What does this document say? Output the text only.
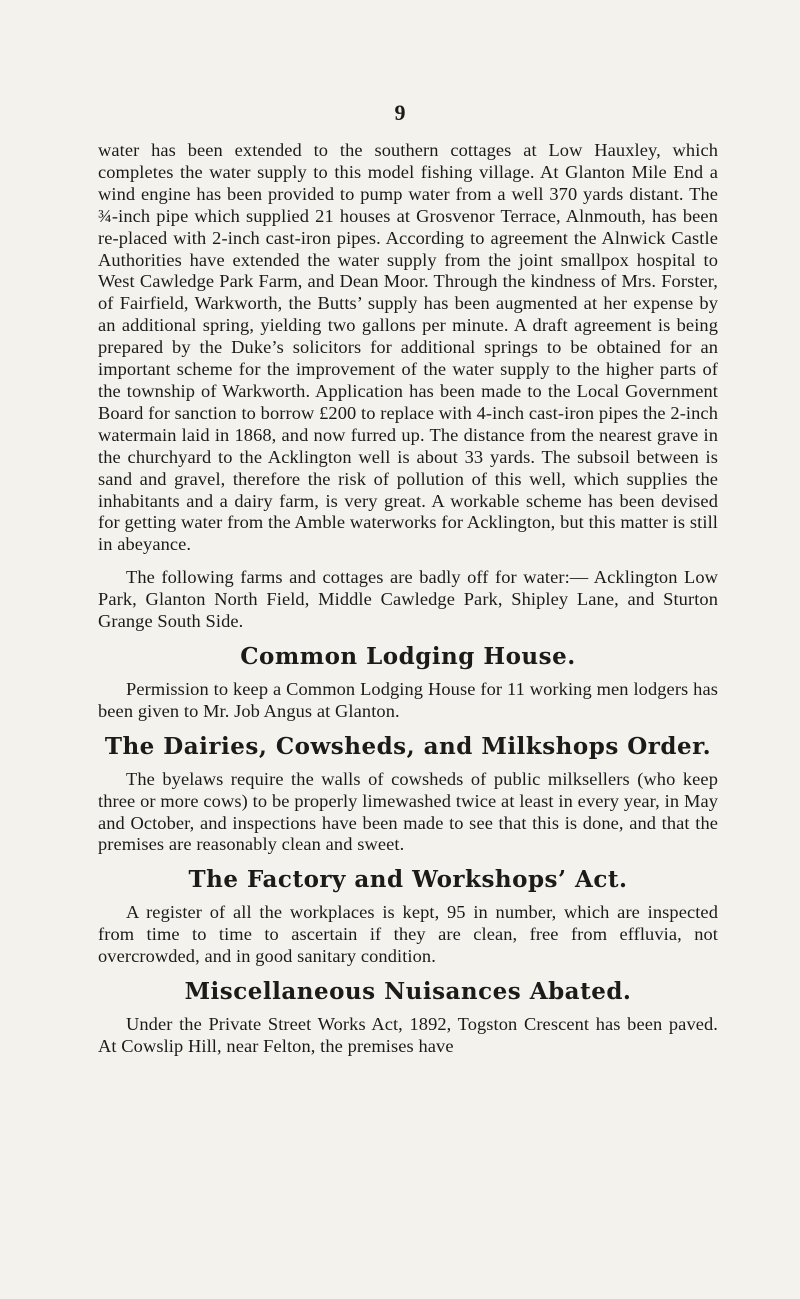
9

water has been extended to the southern cottages at Low Hauxley, which completes the water supply to this model fishing village. At Glanton Mile End a wind engine has been provided to pump water from a well 370 yards distant. The ¾-inch pipe which supplied 21 houses at Grosvenor Terrace, Alnmouth, has been re-placed with 2-inch cast-iron pipes. According to agreement the Alnwick Castle Authorities have extended the water supply from the joint smallpox hospital to West Cawledge Park Farm, and Dean Moor. Through the kindness of Mrs. Forster, of Fairfield, Warkworth, the Butts’ supply has been augmented at her expense by an additional spring, yielding two gallons per minute. A draft agreement is being prepared by the Duke’s solicitors for additional springs to be obtained for an important scheme for the improvement of the water supply to the higher parts of the township of Warkworth. Application has been made to the Local Government Board for sanction to borrow £200 to replace with 4-inch cast-iron pipes the 2-inch watermain laid in 1868, and now furred up. The distance from the nearest grave in the churchyard to the Acklington well is about 33 yards. The subsoil between is sand and gravel, therefore the risk of pollution of this well, which supplies the inhabitants and a dairy farm, is very great. A workable scheme has been devised for getting water from the Amble waterworks for Acklington, but this matter is still in abeyance.

The following farms and cottages are badly off for water:— Acklington Low Park, Glanton North Field, Middle Cawledge Park, Shipley Lane, and Sturton Grange South Side.

Common Lodging House.

Permission to keep a Common Lodging House for 11 working men lodgers has been given to Mr. Job Angus at Glanton.

The Dairies, Cowsheds, and Milkshops Order.

The byelaws require the walls of cowsheds of public milksellers (who keep three or more cows) to be properly limewashed twice at least in every year, in May and October, and inspections have been made to see that this is done, and that the premises are reasonably clean and sweet.

The Factory and Workshops’ Act.

A register of all the workplaces is kept, 95 in number, which are inspected from time to time to ascertain if they are clean, free from effluvia, not overcrowded, and in good sanitary condition.

Miscellaneous Nuisances Abated.

Under the Private Street Works Act, 1892, Togston Crescent has been paved. At Cowslip Hill, near Felton, the premises have
